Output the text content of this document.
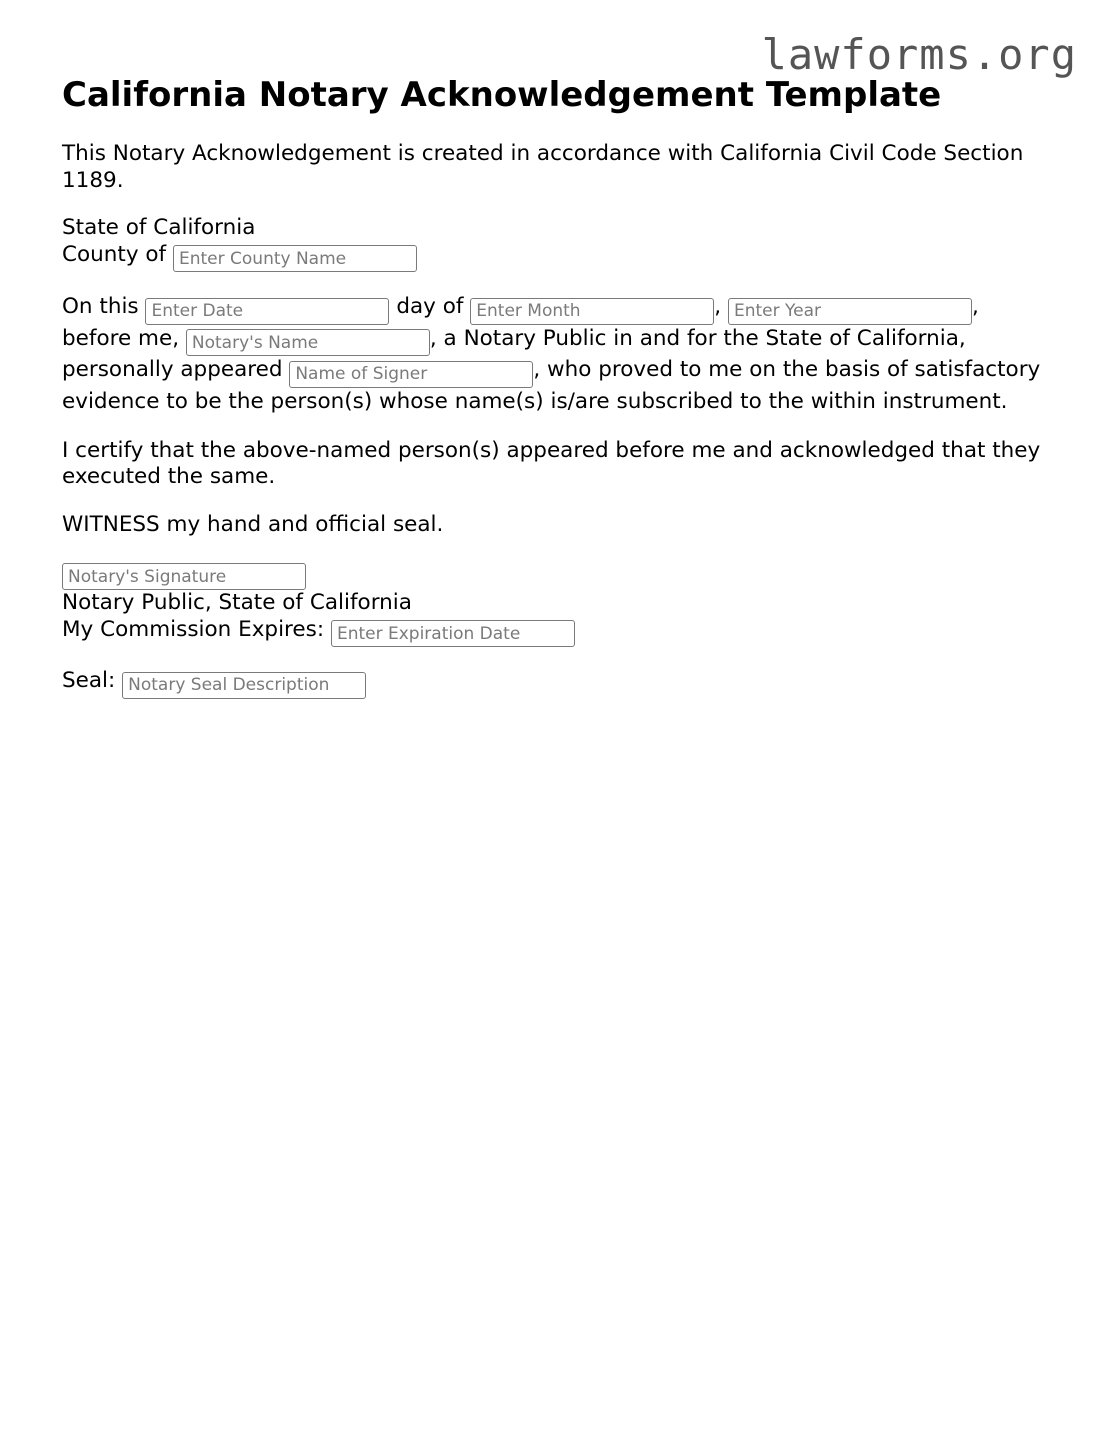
lawforms.org
California Notary Acknowledgement Template

This Notary Acknowledgement is created in accordance with California Civil Code Section 1189.

State of California
County of Enter County Name

On this Enter Date	day of Enter Month	, Enter Year	,
before me, Notary's Name	, a Notary Public in and for the State of California,
personally appeared Name of Signer	, who proved to me on the basis of satisfactory
evidence to be the person(s) whose name(s) is/are subscribed to the within instrument.

I certify that the above-named person(s) appeared before me and acknowledged that they executed the same.

WITNESS my hand and official seal.

Notary's Signature
Notary Public, State of California
My Commission Expires: Enter Expiration Date

Seal: Notary Seal Description
